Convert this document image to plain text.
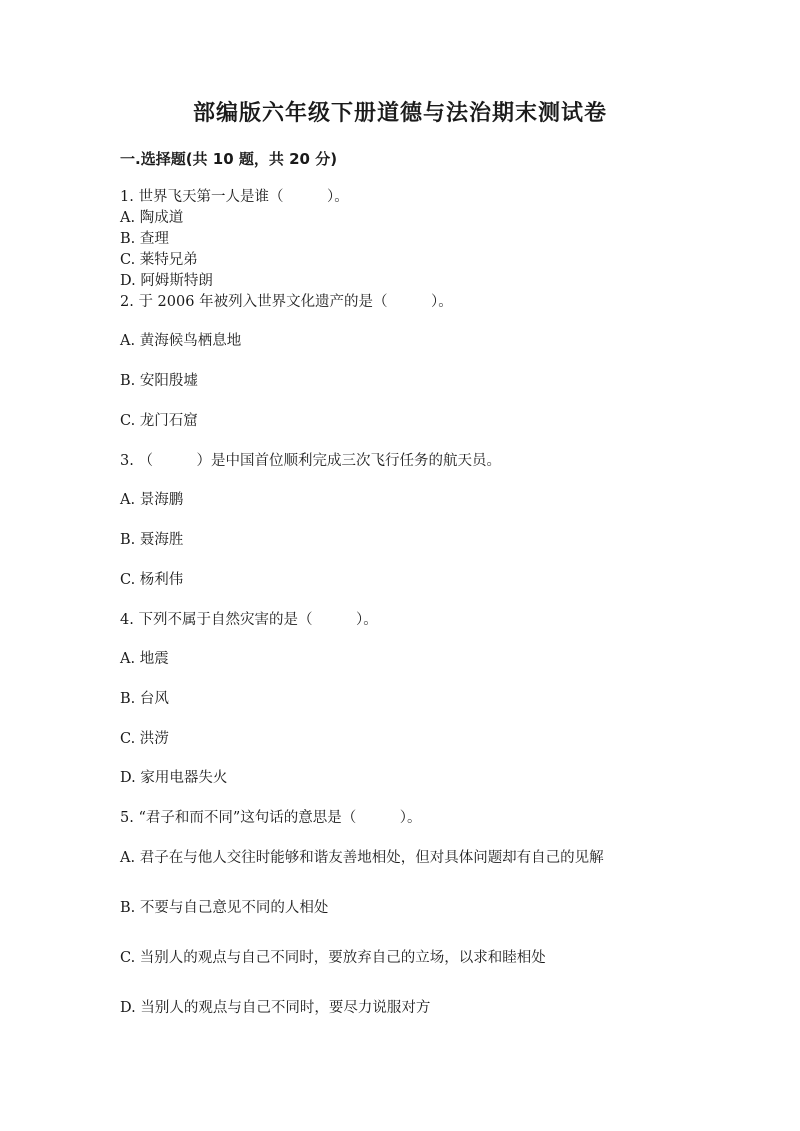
部编版六年级下册道德与法治期末测试卷
一.选择题(共 10 题，共 20 分)
1. 世界飞天第一人是谁（　　　）。
A. 陶成道
B. 查理
C. 莱特兄弟
D. 阿姆斯特朗
2. 于 2006 年被列入世界文化遗产的是（　　　）。
A. 黄海候鸟栖息地
B. 安阳殷墟
C. 龙门石窟
3. （　　　）是中国首位顺利完成三次飞行任务的航天员。
A. 景海鹏
B. 聂海胜
C. 杨利伟
4. 下列不属于自然灾害的是（　　　）。
A. 地震
B. 台风
C. 洪涝
D. 家用电器失火
5. “君子和而不同”这句话的意思是（　　　）。
A. 君子在与他人交往时能够和谐友善地相处，但对具体问题却有自己的见解
B. 不要与自己意见不同的人相处
C. 当别人的观点与自己不同时，要放弃自己的立场，以求和睦相处
D. 当别人的观点与自己不同时，要尽力说服对方
